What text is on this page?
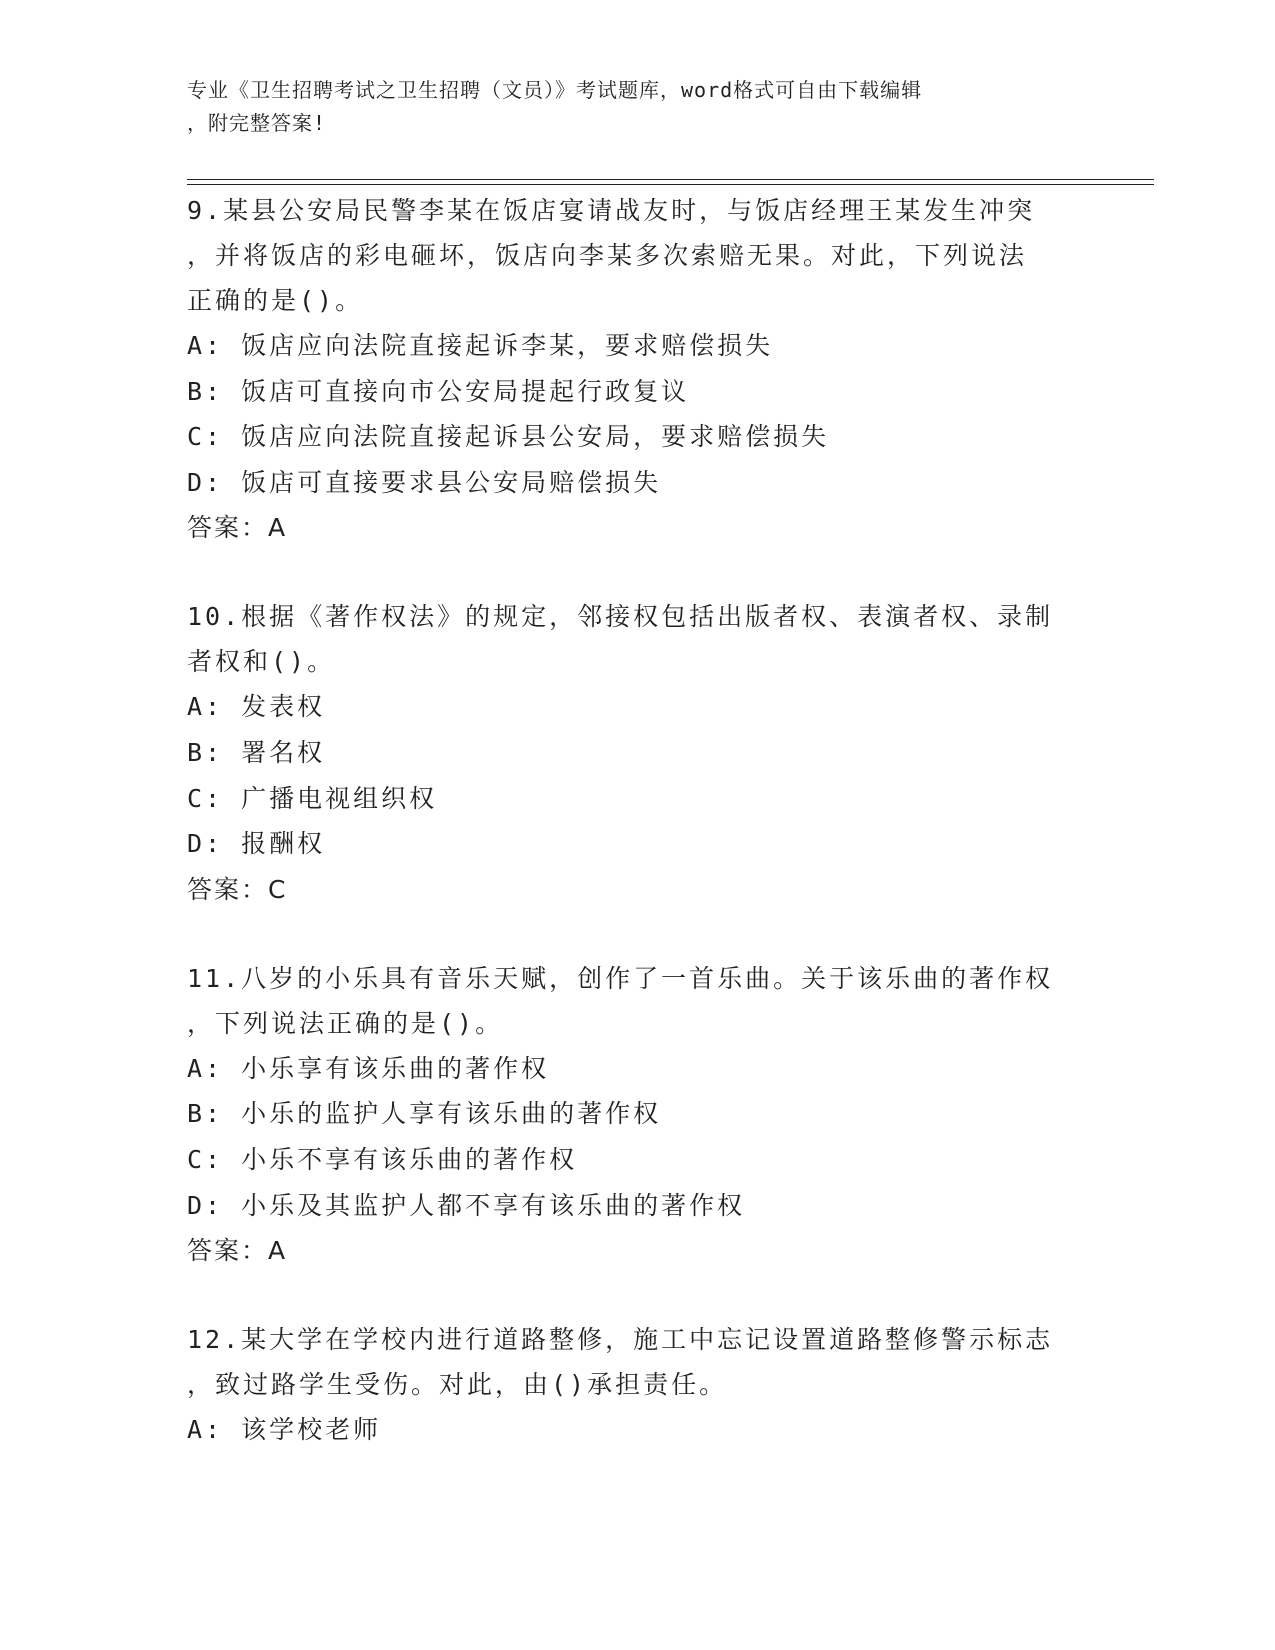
专业《卫生招聘考试之卫生招聘（文员）》考试题库，word格式可自由下载编辑
，附完整答案!
9.某县公安局民警李某在饭店宴请战友时，与饭店经理王某发生冲突
，并将饭店的彩电砸坏，饭店向李某多次索赔无果。对此，下列说法
正确的是()。
A: 饭店应向法院直接起诉李某，要求赔偿损失
B: 饭店可直接向市公安局提起行政复议
C: 饭店应向法院直接起诉县公安局，要求赔偿损失
D: 饭店可直接要求县公安局赔偿损失
答案：A
10.根据《著作权法》的规定，邻接权包括出版者权、表演者权、录制
者权和()。
A: 发表权
B: 署名权
C: 广播电视组织权
D: 报酬权
答案：C
11.八岁的小乐具有音乐天赋，创作了一首乐曲。关于该乐曲的著作权
，下列说法正确的是()。
A: 小乐享有该乐曲的著作权
B: 小乐的监护人享有该乐曲的著作权
C: 小乐不享有该乐曲的著作权
D: 小乐及其监护人都不享有该乐曲的著作权
答案：A
12.某大学在学校内进行道路整修，施工中忘记设置道路整修警示标志
，致过路学生受伤。对此，由()承担责任。
A: 该学校老师
